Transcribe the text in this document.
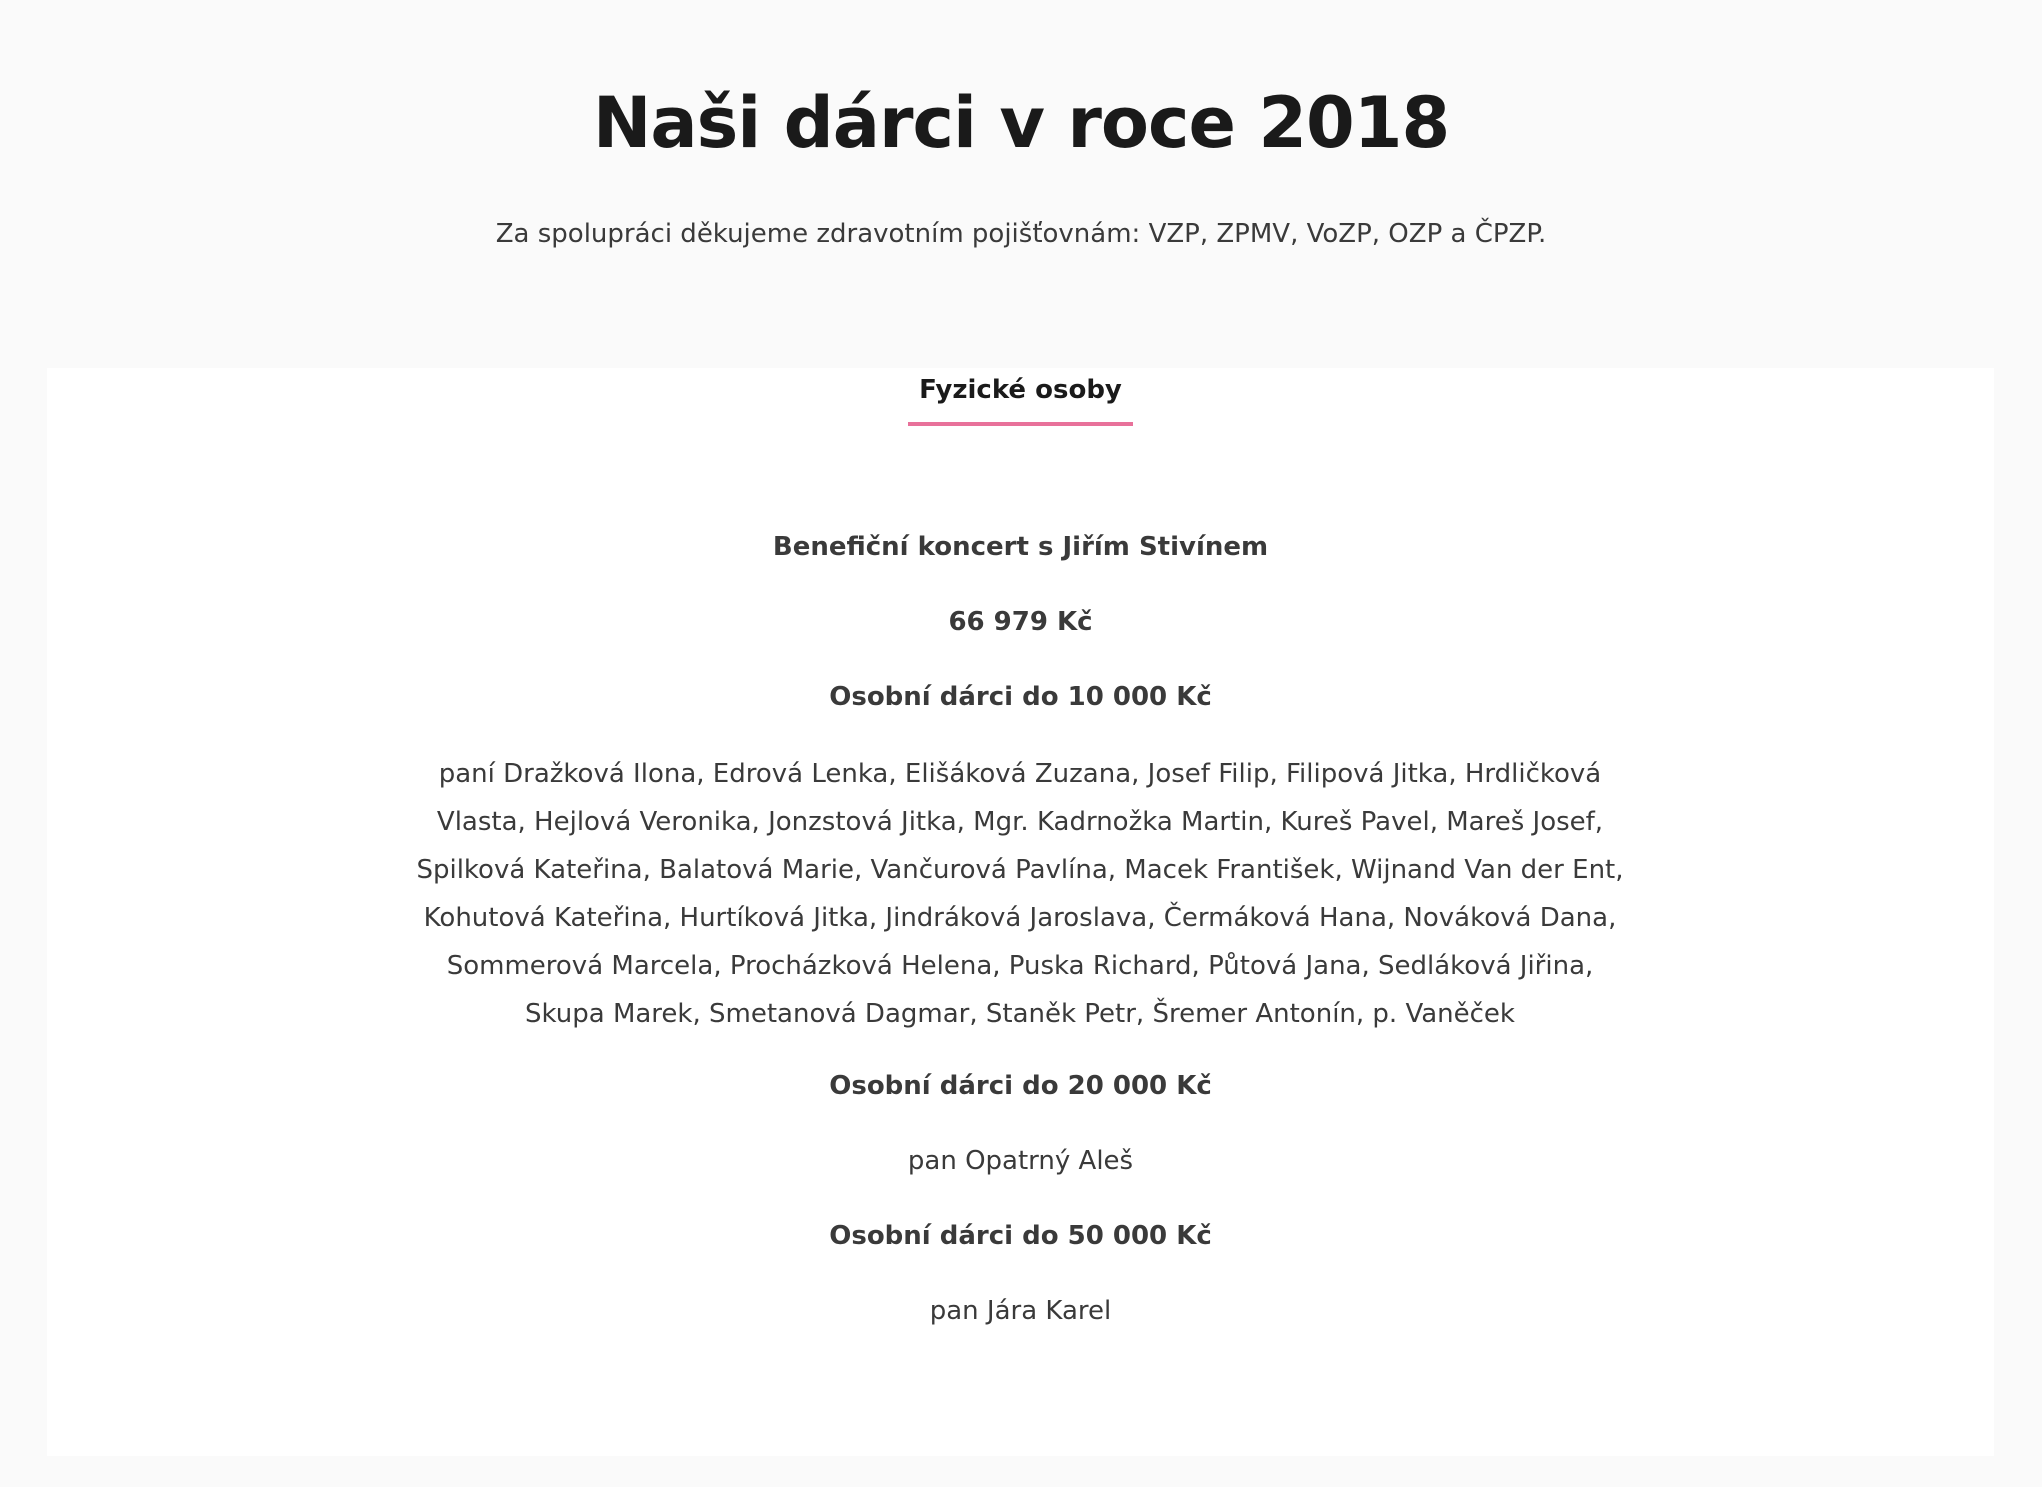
Naši dárci v roce 2018

Za spolupráci děkujeme zdravotním pojišťovnám: VZP, ZPMV, VoZP, OZP a ČPZP.

Fyzické osoby

Benefiční koncert s Jiřím Stivínem

66 979 Kč

Osobní dárci do 10 000 Kč

paní Dražková Ilona, Edrová Lenka, Elišáková Zuzana, Josef Filip, Filipová Jitka, Hrdličková Vlasta, Hejlová Veronika, Jonzstová Jitka, Mgr. Kadrnožka Martin, Kureš Pavel, Mareš Josef, Spilková Kateřina, Balatová Marie, Vančurová Pavlína, Macek František, Wijnand Van der Ent, Kohutová Kateřina, Hurtíková Jitka, Jindráková Jaroslava, Čermáková Hana, Nováková Dana, Sommerová Marcela, Procházková Helena, Puska Richard, Půtová Jana, Sedláková Jiřina, Skupa Marek, Smetanová Dagmar, Staněk Petr, Šremer Antonín, p. Vaněček

Osobní dárci do 20 000 Kč

pan Opatrný Aleš

Osobní dárci do 50 000 Kč

pan Jára Karel
